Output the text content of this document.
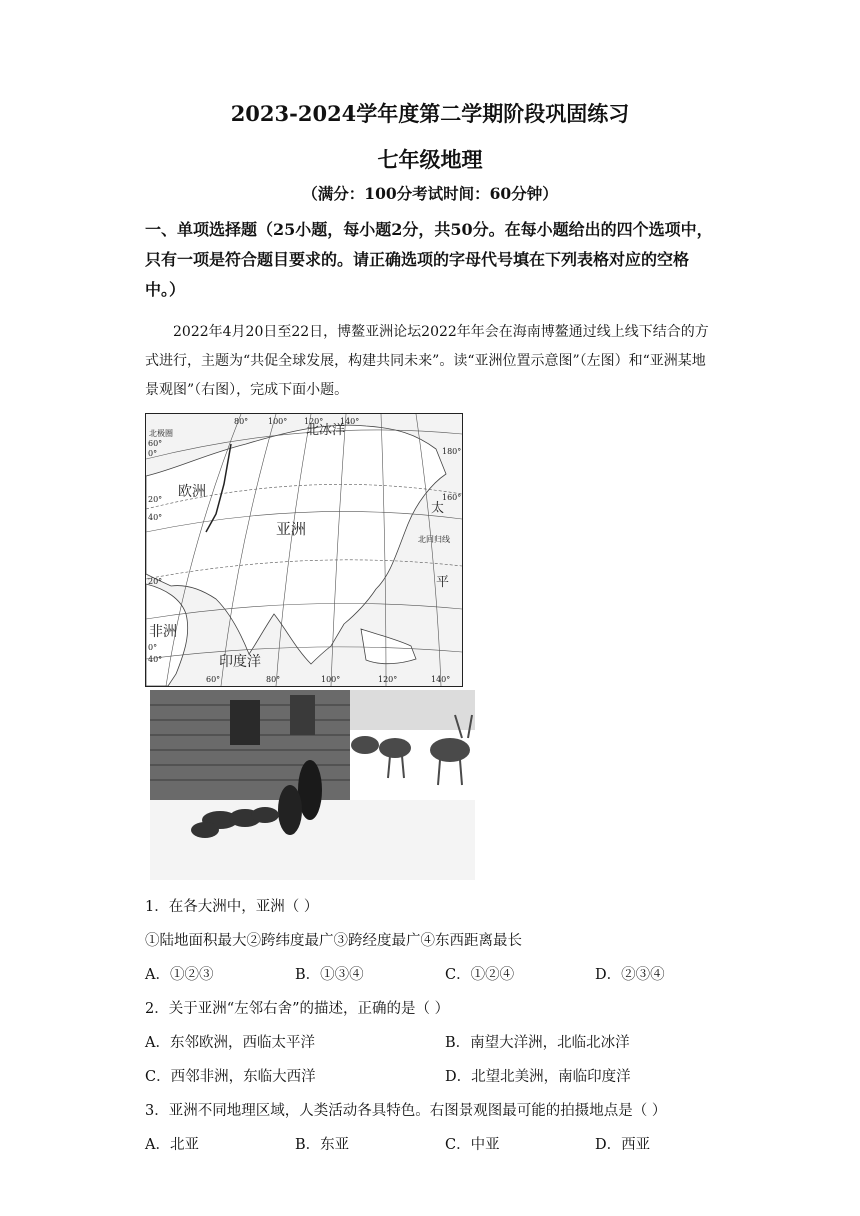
2023-2024学年度第二学期阶段巩固练习
七年级地理
（满分：100分考试时间：60分钟）
一、单项选择题（25小题，每小题2分，共50分。在每小题给出的四个选项中，只有一项是符合题目要求的。请正确选项的字母代号填在下列表格对应的空格中。）
2022年4月20日至22日，博鳌亚洲论坛2022年年会在海南博鳌通过线上线下结合的方式进行，主题为“共促全球发展，构建共同未来”。读“亚洲位置示意图”（左图）和“亚洲某地景观图”（右图），完成下面小题。
欧洲
亚洲
非洲
印度洋
北冰洋
太
平
北极圈
北回归线
60°
0°
20°
40°
20°
0°
40°
60°	80°	100°	120°	140°
80° 100° 120° 140°
160°
180°
1．在各大洲中，亚洲（ ）
①陆地面积最大②跨纬度最广③跨经度最广④东西距离最长
A．①②③	B．①③④	C．①②④	D．②③④
2．关于亚洲“左邻右舍”的描述，正确的是（ ）
A．东邻欧洲，西临太平洋	B．南望大洋洲，北临北冰洋
C．西邻非洲，东临大西洋	D．北望北美洲，南临印度洋
3．亚洲不同地理区域，人类活动各具特色。右图景观图最可能的拍摄地点是（ ）
A．北亚	B．东亚	C．中亚	D．西亚
